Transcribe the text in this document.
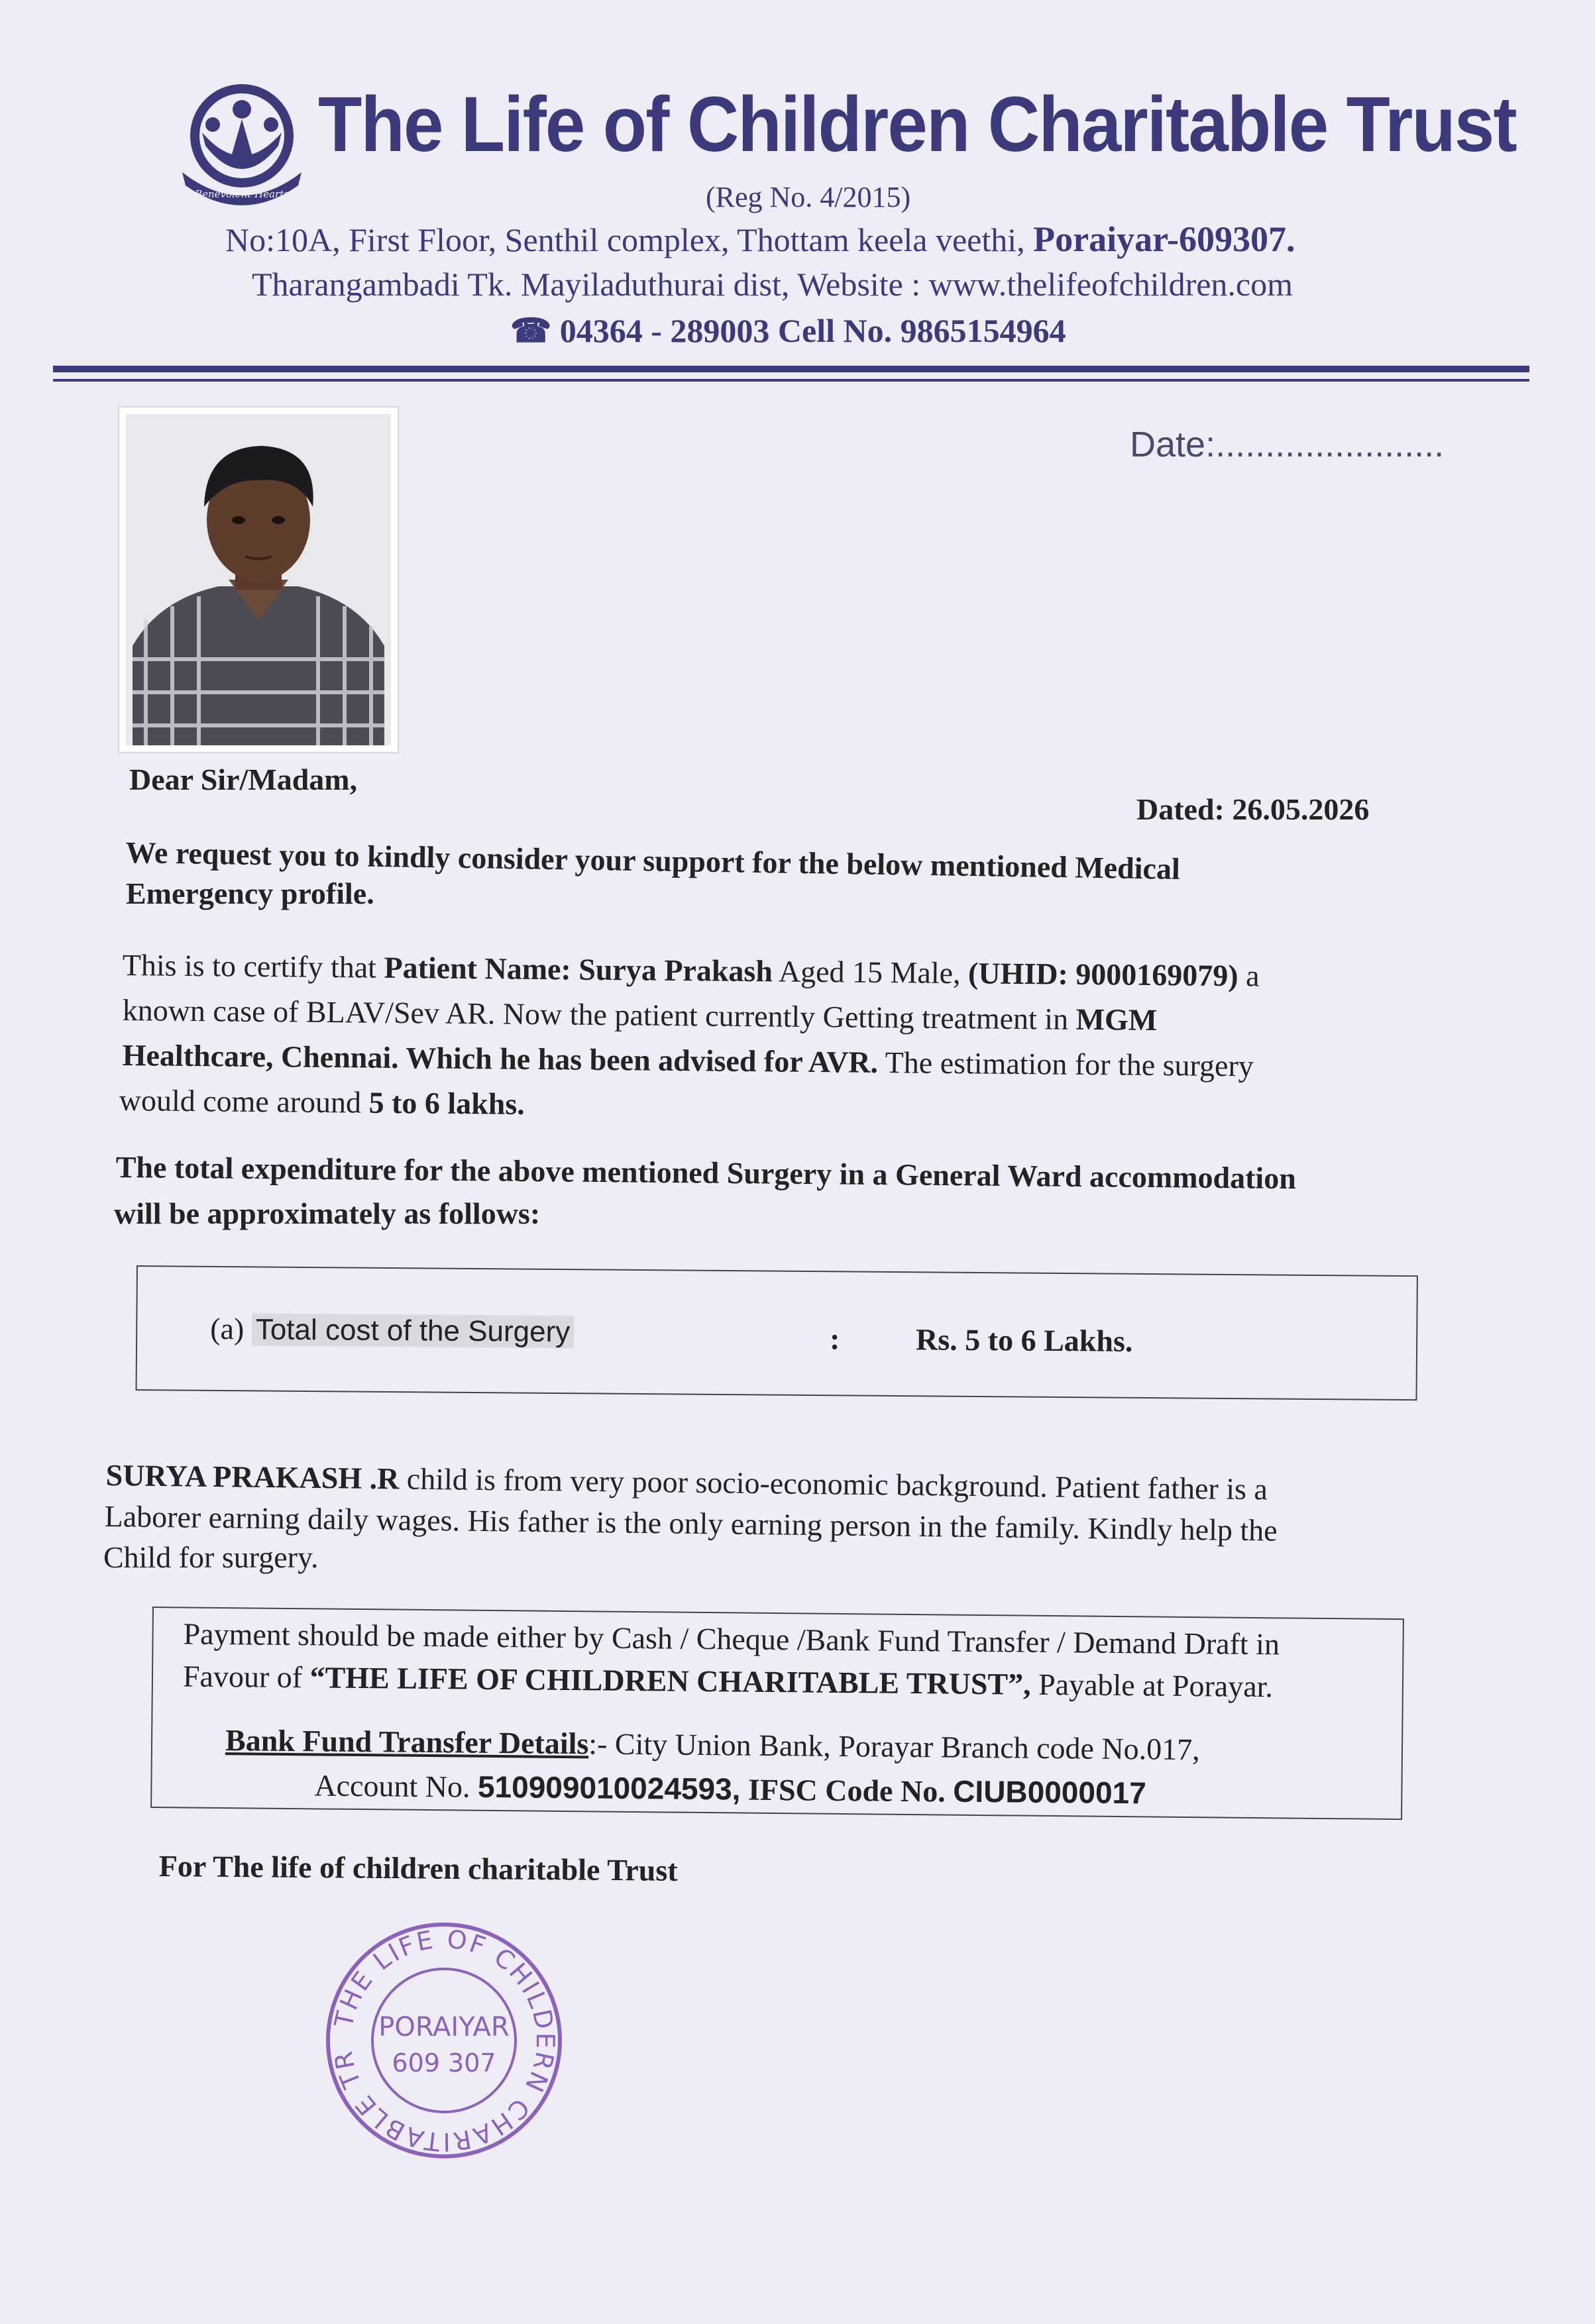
Benevolent Hearts
The Life of Children Charitable Trust
(Reg No. 4/2015)
No:10A, First Floor, Senthil complex, Thottam keela veethi, Poraiyar-609307.
Tharangambadi Tk. Mayiladuthurai dist, Website : www.thelifeofchildren.com
☎ 04364 - 289003 Cell No. 9865154964
Date:.......................
Dear Sir/Madam,
Dated: 26.05.2026
We request you to kindly consider your support for the below mentioned Medical
Emergency profile.
This is to certify that Patient Name: Surya Prakash Aged 15 Male, (UHID: 9000169079) a
known case of BLAV/Sev AR. Now the patient currently Getting treatment in MGM
Healthcare, Chennai. Which he has been advised for AVR. The estimation for the surgery
would come around 5 to 6 lakhs.
The total expenditure for the above mentioned Surgery in a General Ward accommodation
will be approximately as follows:
(a) Total cost of the Surgery	: Rs. 5 to 6 Lakhs.
SURYA PRAKASH .R child is from very poor socio-economic background. Patient father is a
Laborer earning daily wages. His father is the only earning person in the family. Kindly help the
Child for surgery.
Payment should be made either by Cash / Cheque /Bank Fund Transfer / Demand Draft in
Favour of “THE LIFE OF CHILDREN CHARITABLE TRUST”, Payable at Porayar.
Bank Fund Transfer Details:- City Union Bank, Porayar Branch code No.017,
Account No. 510909010024593, IFSC Code No. CIUB0000017
For The life of children charitable Trust
THE LIFE OF CHILDERN CHARITABLE TR
PORAIYAR
609 307
